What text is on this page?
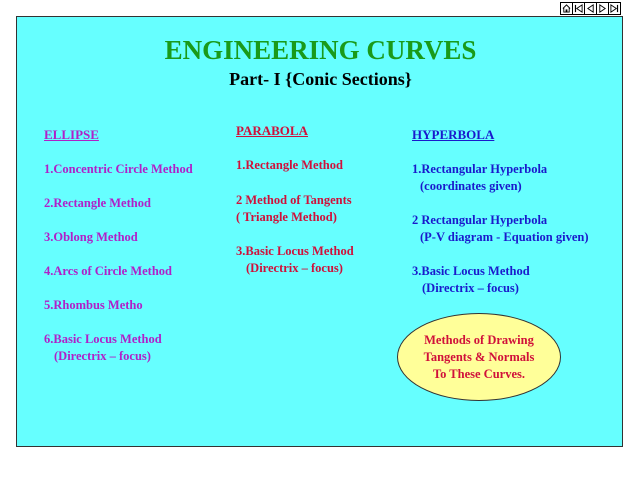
ENGINEERING CURVES
Part- I {Conic Sections}
ELLIPSE
1.Concentric Circle Method
2.Rectangle Method
3.Oblong Method
4.Arcs of Circle Method
5.Rhombus Metho
6.Basic Locus Method
(Directrix – focus)
PARABOLA
1.Rectangle Method
2 Method of Tangents
( Triangle Method)
3.Basic Locus Method
(Directrix – focus)
HYPERBOLA
1.Rectangular Hyperbola
(coordinates given)
2 Rectangular Hyperbola
(P-V diagram - Equation given)
3.Basic Locus Method
(Directrix – focus)
Methods of Drawing
Tangents & Normals
To These Curves.
